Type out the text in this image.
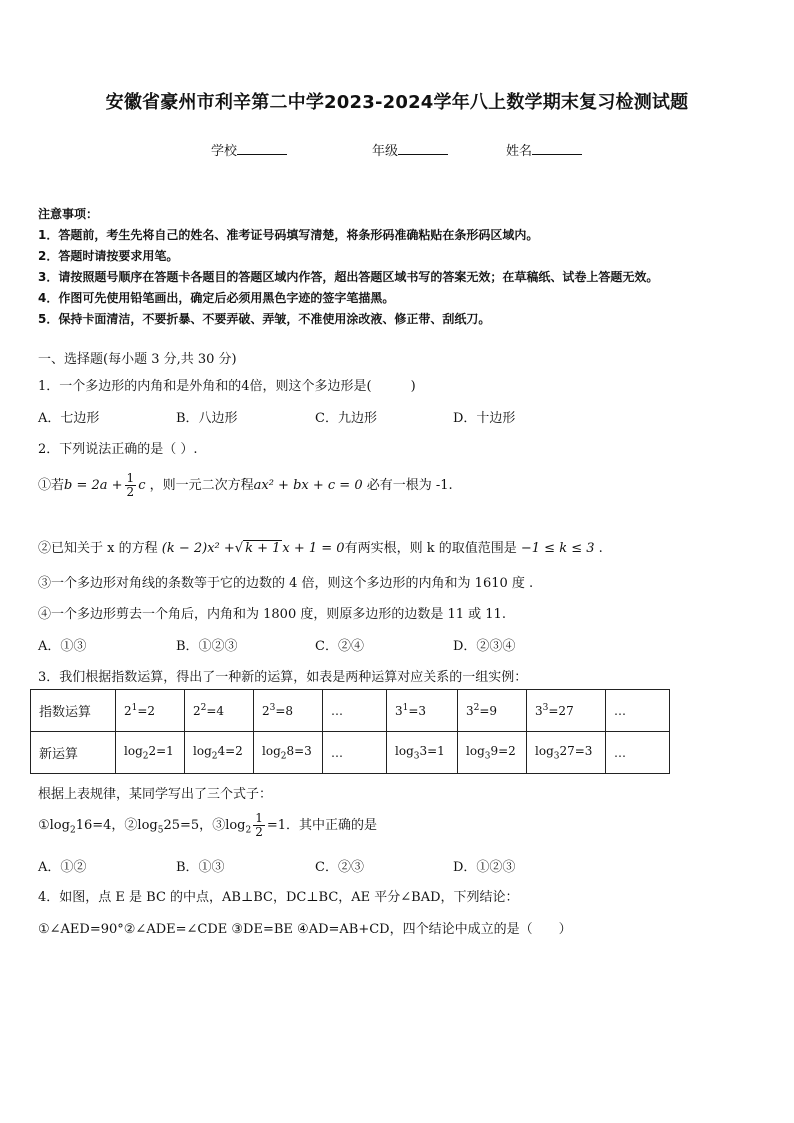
安徽省豪州市利辛第二中学2023-2024学年八上数学期末复习检测试题
学校	年级	姓名
注意事项：
1．答题前，考生先将自己的姓名、准考证号码填写清楚，将条形码准确粘贴在条形码区域内。
2．答题时请按要求用笔。
3．请按照题号顺序在答题卡各题目的答题区域内作答，超出答题区域书写的答案无效；在草稿纸、试卷上答题无效。
4．作图可先使用铅笔画出，确定后必须用黑色字迹的签字笔描黑。
5．保持卡面清洁，不要折暴、不要弄破、弄皱，不准使用涂改液、修正带、刮纸刀。
一、选择题(每小题 3 分,共 30 分)
1．一个多边形的内角和是外角和的4倍，则这个多边形是(　　　)
A．七边形	B．八边形	C．九边形	D．十边形
2．下列说法正确的是（ ）.
①若$b = 2a + \frac{1}{2}$ c ，则一元二次方程ax² + bx + c = 0 必有一根为 -1.
②已知关于 x 的方程 (k − 2)x² +√ k + 1 x + 1 = 0有两实根，则 k 的取值范围是 −1 ≤ k ≤ 3 .
③一个多边形对角线的条数等于它的边数的 4 倍，则这个多边形的内角和为 1610 度 .
④一个多边形剪去一个角后，内角和为 1800 度，则原多边形的边数是 11 或 11.
A．①③	B．①②③	C．②④	D．②③④
3．我们根据指数运算，得出了一种新的运算，如表是两种运算对应关系的一组实例：
指数运算	$2^1=2$	$2^2=4$	$2^3=8$	…	$3^1=3$	$3^2=9$	$3^3=27$	…
新运算	$\log_22=1$	$\log_24=2$	$\log_28=3$	…	$\log_33=1$	$\log_39=2$	$\log_327=3$	…
根据上表规律，某同学写出了三个式子：
$①\log_216=4$，$②\log_525=5$，$③\log_2 \frac{1}{2} =1$．其中正确的是
A．①②	B．①③	C．②③	D．①②③
4．如图，点 E 是 BC 的中点，AB⊥BC，DC⊥BC，AE 平分∠BAD，下列结论：
①∠AED=90°②∠ADE=∠CDE ③DE=BE ④AD=AB+CD，四个结论中成立的是（　　）
